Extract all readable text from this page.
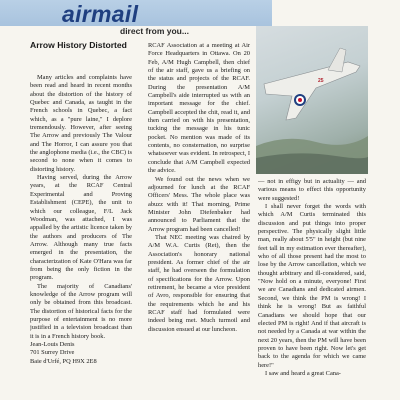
airmail
direct from you...
Arrow History Distorted

Many articles and complaints have been read and heard in recent months about the distortion of the history of Quebec and Canada, as taught in the French schools in Quebec, a fact which, as a "pure laine," I deplore tremendously. However, after seeing The Arrow and previously The Valour and The Horror, I can assure you that the anglophone media (i.e., the CBC) is second to none when it comes to distorting history.

Having served, during the Arrow years, at the RCAF Central Experimental and Proving Establishment (CEPE), the unit to which our colleague, F/L Jack Woodman, was attached, I was appalled by the artistic licence taken by the authors and producers of The Arrow. Although many true facts emerged in the presentation, the characterization of Kate O'Hara was far from being the only fiction in the program.

The majority of Canadians' knowledge of the Arrow program will only be obtained from this broadcast. The distortion of historical facts for the purpose of entertainment is no more justified in a television broadcast than it is in a French history book.

Jean-Louis Denis
701 Surrey Drive
Baie d'Urfé, PQ H9X 2E8

RCAF Association at a meeting at Air Force Headquarters in Ottawa. On 20 Feb, A/M Hugh Campbell, then chief of the air staff, gave us a briefing on the status and projects of the RCAF. During the presentation A/M Campbell's aide interrupted us with an important message for the chief. Campbell accepted the chit, read it, and then carried on with his presentation, tucking the message in his tunic pocket. No mention was made of its contents, no consternation, no surprise whatsoever was evident. In retrospect, I conclude that A/M Campbell expected the advice.

We found out the news when we adjourned for lunch at the RCAF Officers' Mess. The whole place was abuzz with it! That morning, Prime Minister John Diefenbaker had announced to Parliament that the Arrow program had been cancelled!

That NEC meeting was chaired by A/M W.A. Curtis (Ret), then the Association's honorary national president. As former chief of the air staff, he had overseen the formulation of specifications for the Arrow. Upon retirement, he became a vice president of Avro, responsible for ensuring that the requirements which he and his RCAF staff had formulated were indeed being met. Much turmoil and discussion ensued at our luncheon.

25

— not in effigy but in actuality — and various means to effect this opportunity were suggested!

I shall never forget the words with which A/M Curtis terminated this discussion and put things into proper perspective. The physically slight little man, really about 5'5" in height (but nine feet tall in my estimation ever thereafter), who of all those present had the most to lose by the Arrow cancellation, which we thought arbitrary and ill-considered, said, "Now hold on a minute, everyone! First we are Canadians and dedicated airmen. Second, we think the PM is wrong! I think he is wrong! But as faithful Canadians we should hope that our elected PM is right! And if that aircraft is not needed by a Canada at war within the next 20 years, then the PM will have been proven to have been right. Now let's get back to the agenda for which we came here!"

I saw and heard a great Cana-
